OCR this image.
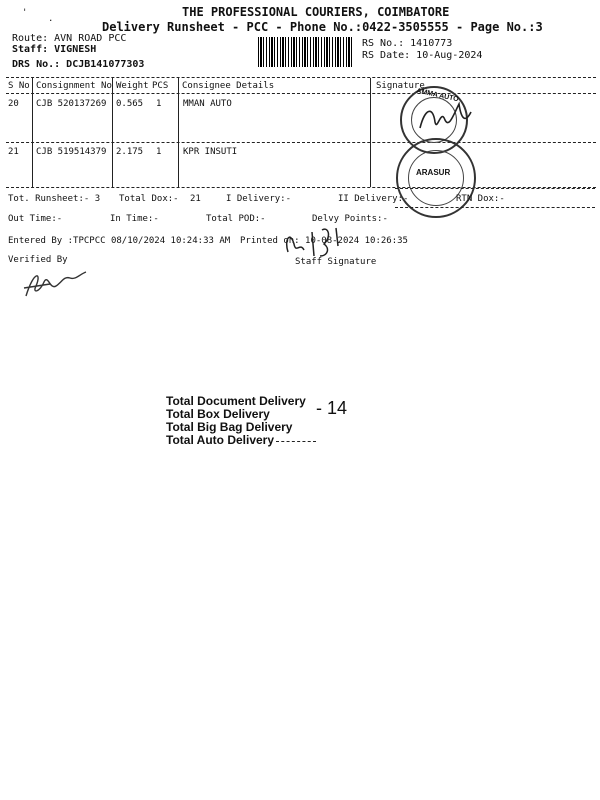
'
.	THE PROFESSIONAL COURIERS, COIMBATORE
Delivery Runsheet - PCC - Phone No.:0422-3505555 - Page No.:3
Route: AVN ROAD PCC
Staff: VIGNESH
DRS No.: DCJB141077303
RS No.: 1410773
RS Date: 10-Aug-2024
S No Consignment No Weight PCS Consignee Details	Signature
20 CJB 520137269 0.565 1 MMAN AUTO
21 CJB 519514379 2.175 1 KPR INSUTI
AMMA AUTO
ARASUR
Tot. Runsheet:- 3 Total Dox:- 21	I Delivery:-	II Delivery:-	RTN Dox:-
Out Time:-	In Time:-	Total POD:-	Delvy Points:-
Entered By :TPCPCC 08/10/2024 10:24:33 AM Printed on: 10-08-2024 10:26:35
Verified By	Staff Signature
Total Document Delivery
Total Box Delivery
Total Big Bag Delivery
Total Auto Delivery
- 14
